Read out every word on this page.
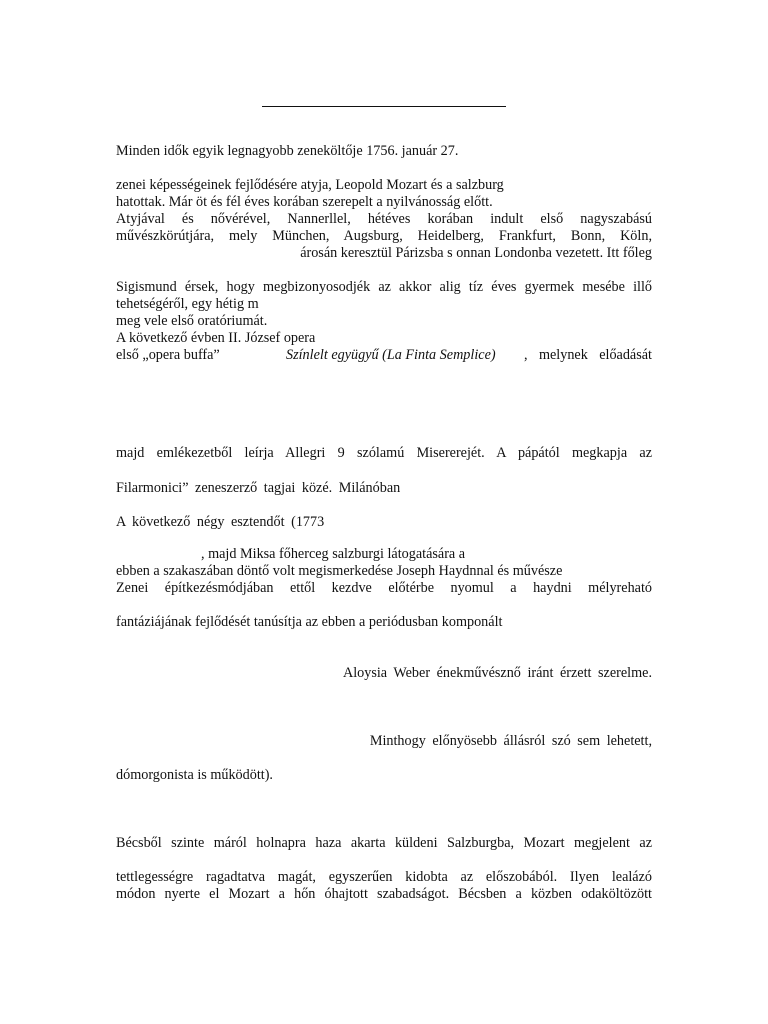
Minden idők egyik legnagyobb zeneköltője 1756. január 27.
zenei képességeinek fejlődésére atyja, Leopold Mozart és a salzburg
hatottak. Már öt és fél éves korában szerepelt a nyilvánosság előtt.
Atyjával és nővérével, Nannerllel, hétéves korában indult első nagyszabású
művészkörútjára, mely München, Augsburg, Heidelberg, Frankfurt, Bonn, Köln,
árosán keresztül Párizsba s onnan Londonba vezetett. Itt főleg
Sigismund érsek, hogy megbizonyosodjék az akkor alig tíz éves gyermek mesébe illő
tehetségéről, egy hétig m
meg vele első oratóriumát.
A következő évben II. József opera
első „opera buffa”	Színlelt együgyű (La Finta Semplice) , melynek előadását
majd emlékezetből leírja Allegri 9 szólamú Misererejét. A pápától megkapja az
Filarmonici” zeneszerző tagjai közé. Milánóban
A következő négy esztendőt (1773
, majd Miksa főherceg salzburgi látogatására a
ebben a szakaszában döntő volt megismerkedése Joseph Haydnnal és művésze
Zenei építkezésmódjában ettől kezdve előtérbe nyomul a haydni mélyreható
fantáziájának fejlődését tanúsítja az ebben a periódusban komponált
Aloysia Weber énekművésznő iránt érzett szerelme.
Minthogy előnyösebb állásról szó sem lehetett,
dómorgonista is működött).
Bécsből szinte máról holnapra haza akarta küldeni Salzburgba, Mozart megjelent az
tettlegességre ragadtatva magát, egyszerűen kidobta az előszobából. Ilyen lealázó
módon nyerte el Mozart a hőn óhajtott szabadságot. Bécsben a közben odaköltözött
